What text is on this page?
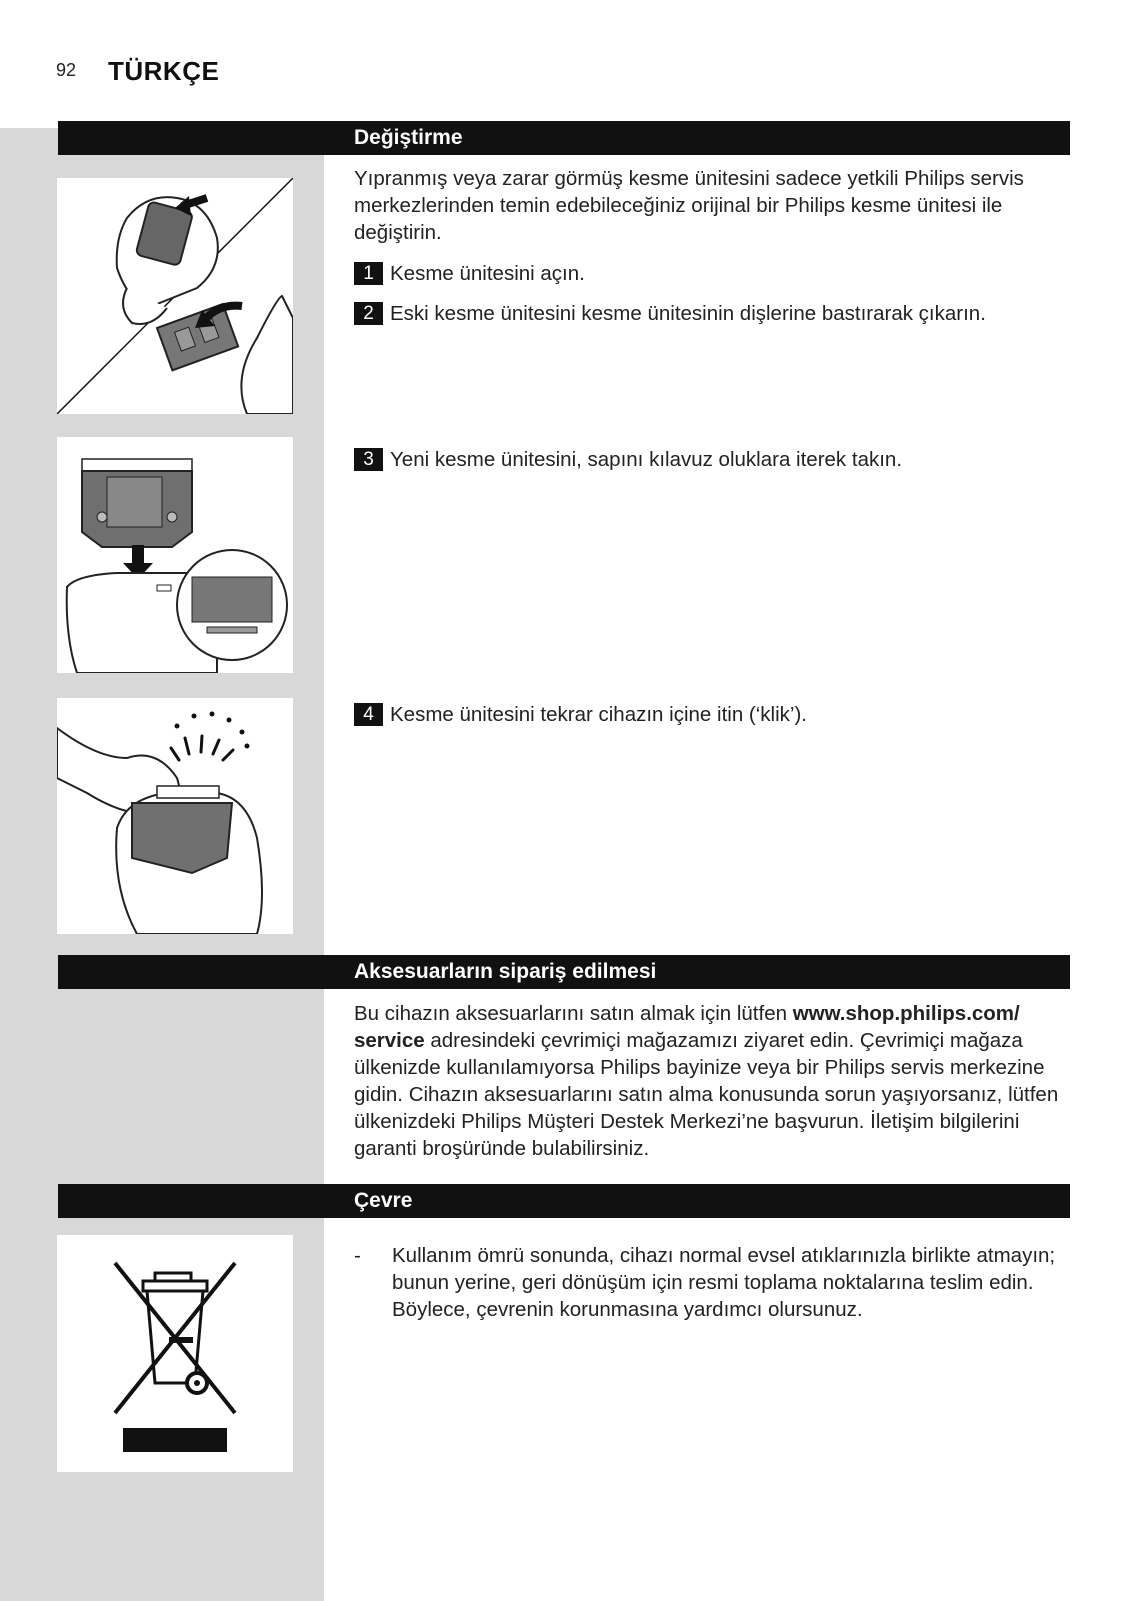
92 TÜRKÇE
Değiştirme
Yıpranmış veya zarar görmüş kesme ünitesini sadece yetkili Philips servis merkezlerinden temin edebileceğiniz orijinal bir Philips kesme ünitesi ile değiştirin.
1 Kesme ünitesini açın.
2 Eski kesme ünitesini kesme ünitesinin dişlerine bastırarak çıkarın.
3 Yeni kesme ünitesini, sapını kılavuz oluklara iterek takın.
4 Kesme ünitesini tekrar cihazın içine itin (‘klik’).
Aksesuarların sipariş edilmesi
Bu cihazın aksesuarlarını satın almak için lütfen www.shop.philips.com/
service adresindeki çevrimiçi mağazamızı ziyaret edin. Çevrimiçi mağaza ülkenizde kullanılamıyorsa Philips bayinize veya bir Philips servis merkezine gidin. Cihazın aksesuarlarını satın alma konusunda sorun yaşıyorsanız, lütfen ülkenizdeki Philips Müşteri Destek Merkezi’ne başvurun. İletişim bilgilerini garanti broşüründe bulabilirsiniz.
Çevre
- Kullanım ömrü sonunda, cihazı normal evsel atıklarınızla birlikte atmayın; bunun yerine, geri dönüşüm için resmi toplama noktalarına teslim edin. Böylece, çevrenin korunmasına yardımcı olursunuz.
